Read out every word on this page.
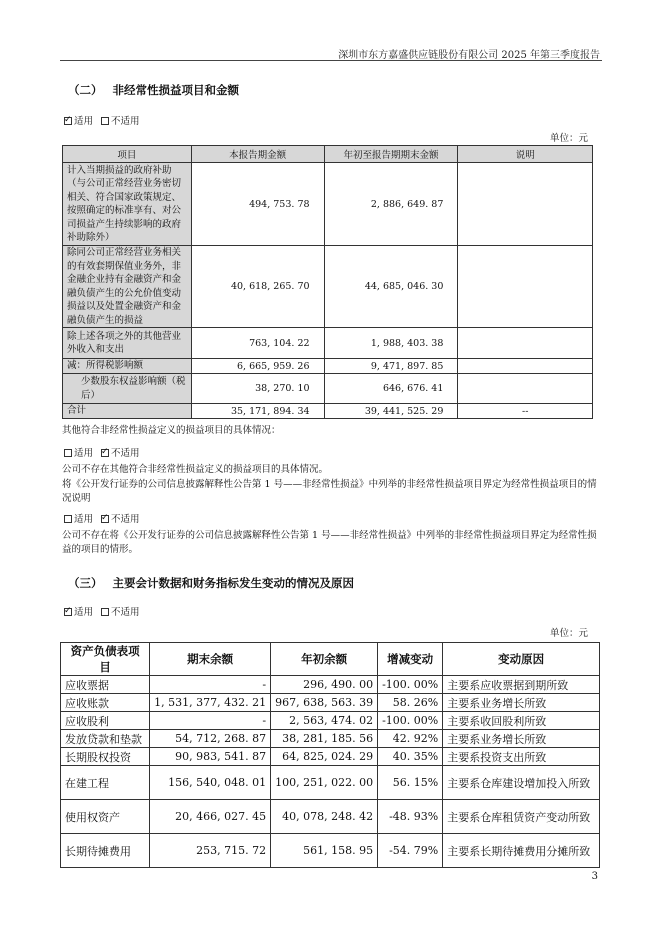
深圳市东方嘉盛供应链股份有限公司 2025 年第三季度报告
（二） 非经常性损益项目和金额
✓适用 不适用
单位：元
项目	本报告期金额	年初至报告期期末金额	说明
计入当期损益的政府补助（与公司正常经营业务密切相关、符合国家政策规定、按照确定的标准享有、对公司损益产生持续影响的政府补助除外）	494, 753. 78	2, 886, 649. 87	
除同公司正常经营业务相关的有效套期保值业务外，非金融企业持有金融资产和金融负债产生的公允价值变动损益以及处置金融资产和金融负债产生的损益	40, 618, 265. 70	44, 685, 046. 30	
除上述各项之外的其他营业外收入和支出	763, 104. 22	1, 988, 403. 38	
减：所得税影响额	6, 665, 959. 26	9, 471, 897. 85	
少数股东权益影响额（税后）	38, 270. 10	646, 676. 41	
合计	35, 171, 894. 34	39, 441, 525. 29	--
其他符合非经常性损益定义的损益项目的具体情况：
适用 ✓ 不适用
公司不存在其他符合非经常性损益定义的损益项目的具体情况。
将《公开发行证券的公司信息披露解释性公告第 1 号——非经常性损益》中列举的非经常性损益项目界定为经常性损益项目的情况说明
适用 ✓ 不适用
公司不存在将《公开发行证券的公司信息披露解释性公告第 1 号——非经常性损益》中列举的非经常性损益项目界定为经常性损益的项目的情形。
（三） 主要会计数据和财务指标发生变动的情况及原因
✓适用 不适用
单位：元
资产负债表项目	期末余额	年初余额	增减变动	变动原因
应收票据	-	296, 490. 00	-100. 00%	主要系应收票据到期所致
应收账款	1, 531, 377, 432. 21	967, 638, 563. 39	58. 26%	主要系业务增长所致
应收股利	-	2, 563, 474. 02	-100. 00%	主要系收回股利所致
发放贷款和垫款	54, 712, 268. 87	38, 281, 185. 56	42. 92%	主要系业务增长所致
长期股权投资	90, 983, 541. 87	64, 825, 024. 29	40. 35%	主要系投资支出所致
在建工程	156, 540, 048. 01	100, 251, 022. 00	56. 15%	主要系仓库建设增加投入所致
使用权资产	20, 466, 027. 45	40, 078, 248. 42	-48. 93%	主要系仓库租赁资产变动所致
长期待摊费用	253, 715. 72	561, 158. 95	-54. 79%	主要系长期待摊费用分摊所致
3
